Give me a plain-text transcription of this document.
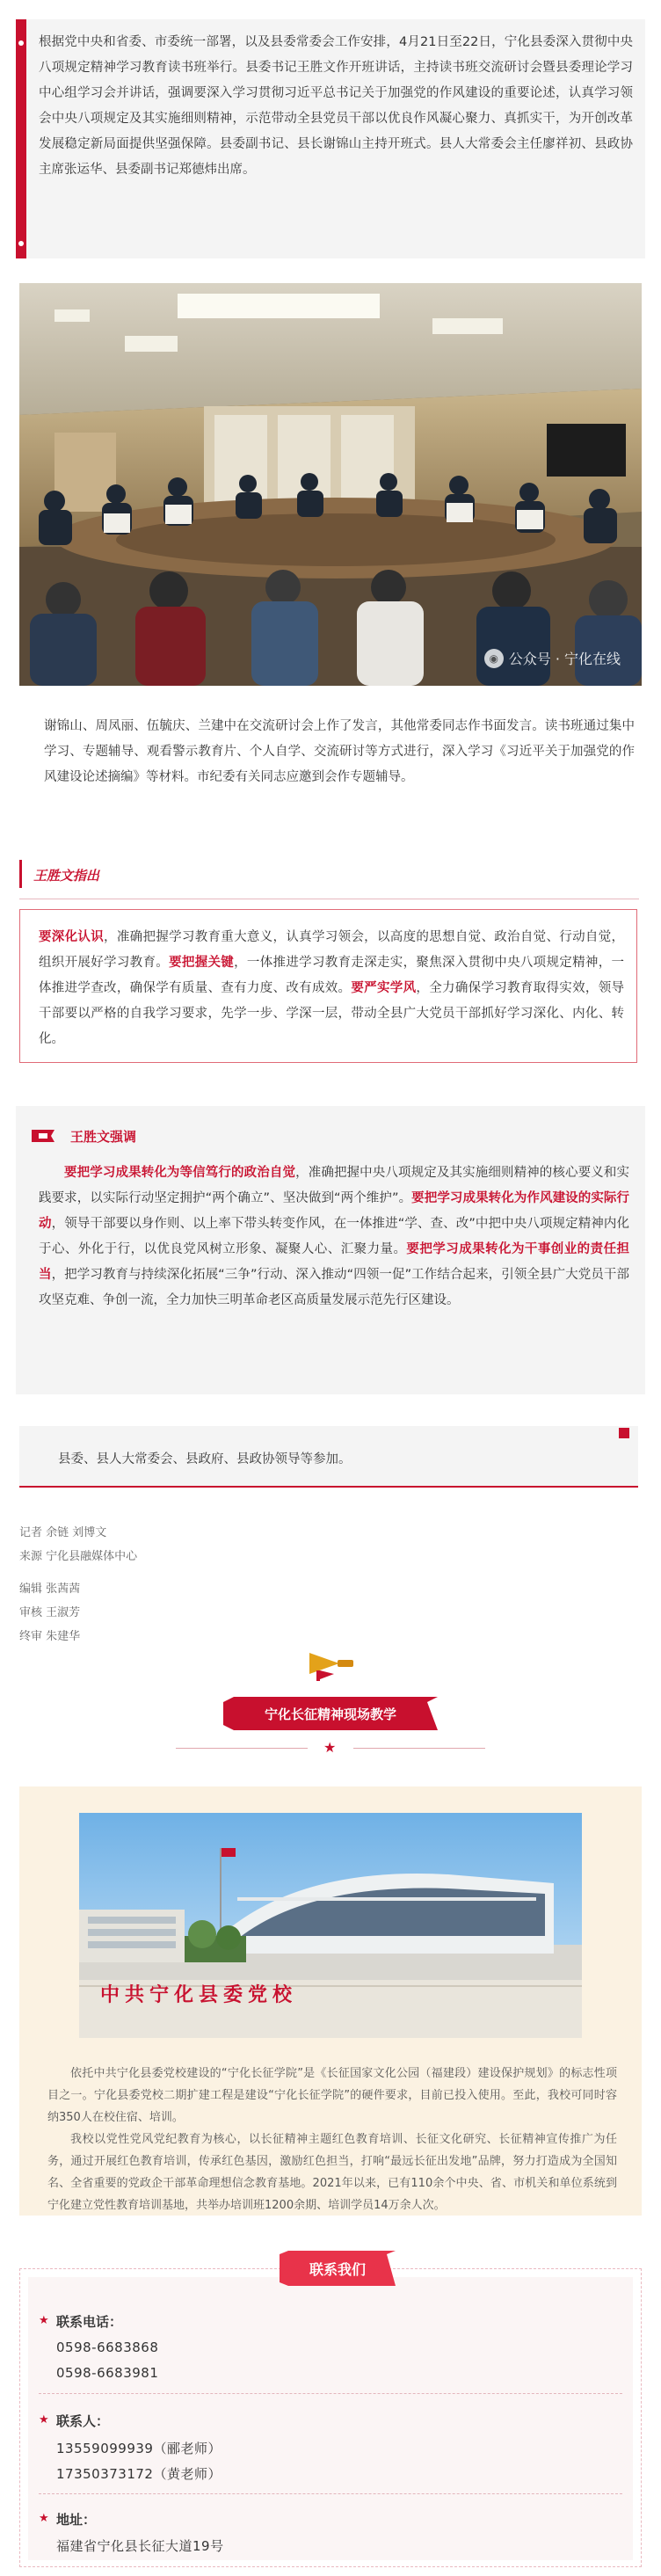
根据党中央和省委、市委统一部署，以及县委常委会工作安排，4月21日至22日，宁化县委深入贯彻中央八项规定精神学习教育读书班举行。县委书记王胜文作开班讲话，主持读书班交流研讨会暨县委理论学习中心组学习会并讲话，强调要深入学习贯彻习近平总书记关于加强党的作风建设的重要论述，认真学习领会中央八项规定及其实施细则精神，示范带动全县党员干部以优良作风凝心聚力、真抓实干，为开创改革发展稳定新局面提供坚强保障。县委副书记、县长谢锦山主持开班式。县人大常委会主任廖祥初、县政协主席张运华、县委副书记郑德炜出席。

◉ 公众号 · 宁化在线

谢锦山、周凤丽、伍毓庆、兰建中在交流研讨会上作了发言，其他常委同志作书面发言。读书班通过集中学习、专题辅导、观看警示教育片、个人自学、交流研讨等方式进行，深入学习《习近平关于加强党的作风建设论述摘编》等材料。市纪委有关同志应邀到会作专题辅导。

王胜文指出

要深化认识，准确把握学习教育重大意义，认真学习领会，以高度的思想自觉、政治自觉、行动自觉，组织开展好学习教育。要把握关键，一体推进学习教育走深走实，聚焦深入贯彻中央八项规定精神，一体推进学查改，确保学有质量、查有力度、改有成效。要严实学风，全力确保学习教育取得实效，领导干部要以严格的自我学习要求，先学一步、学深一层，带动全县广大党员干部抓好学习深化、内化、转化。

王胜文强调

要把学习成果转化为等信笃行的政治自觉，准确把握中央八项规定及其实施细则精神的核心要义和实践要求，以实际行动坚定拥护“两个确立”、坚决做到“两个维护”。要把学习成果转化为作风建设的实际行动，领导干部要以身作则、以上率下带头转变作风，在一体推进“学、查、改”中把中央八项规定精神内化于心、外化于行，以优良党风树立形象、凝聚人心、汇聚力量。要把学习成果转化为干事创业的责任担当，把学习教育与持续深化拓展“三争”行动、深入推动“四领一促”工作结合起来，引领全县广大党员干部攻坚克难、争创一流，全力加快三明革命老区高质量发展示范先行区建设。

县委、县人大常委会、县政府、县政协领导等参加。
记者 余链 刘博文
来源 宁化县融媒体中心
编辑 张茜茜
审核 王淑芳
终审 朱建华
宁化长征精神现场教学
★
中共宁化县委党校

依托中共宁化县委党校建设的“宁化长征学院”是《长征国家文化公园（福建段）建设保护规划》的标志性项目之一。宁化县委党校二期扩建工程是建设“宁化长征学院”的硬件要求，目前已投入使用。至此，我校可同时容纳350人在校住宿、培训。

我校以党性党风党纪教育为核心，以长征精神主题红色教育培训、长征文化研究、长征精神宣传推广为任务，通过开展红色教育培训，传承红色基因，激励红色担当，打响“最远长征出发地”品牌，努力打造成为全国知名、全省重要的党政企干部革命理想信念教育基地。2021年以来，已有110余个中央、省、市机关和单位系统到宁化建立党性教育培训基地，共举办培训班1200余期、培训学员14万余人次。

联系我们
★ 联系电话：
0598-6683868
0598-6683981
★ 联系人：
13559099939（郦老师）
17350373172（黄老师）
★ 地址：
福建省宁化县长征大道19号
